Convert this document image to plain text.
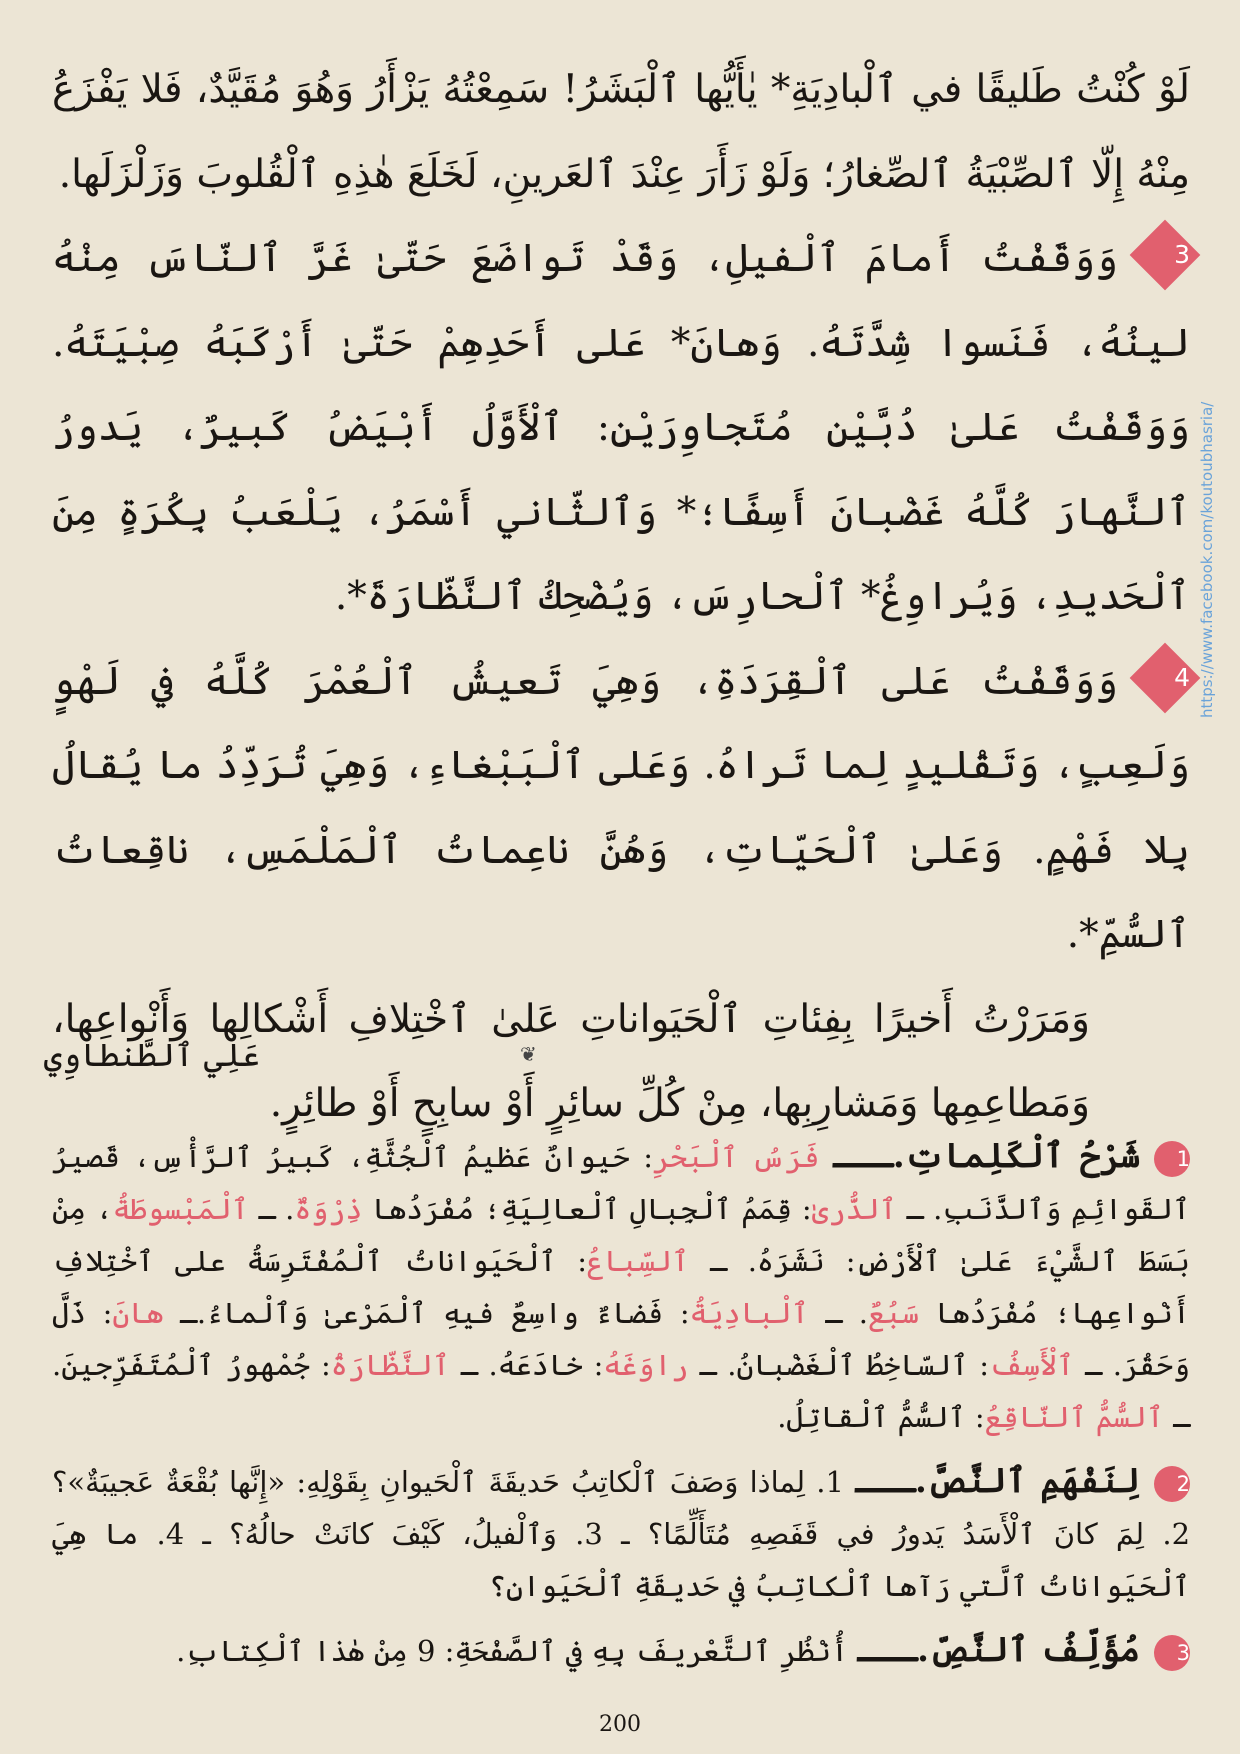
لَوْ كُنْتُ طَليقًا في ٱلْبادِيَةِ* يٰأَيُّها ٱلْبَشَرُ! سَمِعْتُهُ يَزْأَرُ وَهُوَ مُقَيَّدٌ، فَلا يَفْزَعُ مِنْهُ إِلّا ٱلصِّبْيَةُ ٱلصِّغارُ؛ وَلَوْ زَأَرَ عِنْدَ ٱلعَرينِ، لَخَلَعَ هٰذِهِ ٱلْقُلوبَ وَزَلْزَلَها.

3
وَوَقَفْتُ أَمامَ ٱلْفيلِ، وَقَدْ تَواضَعَ حَتّىٰ غَرَّ ٱلنّاسَ مِنْهُ لينُهُ، فَنَسوا شِدَّتَهُ. وَهانَ* عَلى أَحَدِهِمْ حَتّىٰ أَرْكَبَهُ صِبْيَتَهُ. وَوَقَفْتُ عَلىٰ دُبَّيْنِ مُتَجاوِرَيْنِ: ٱلْأَوَّلُ أَبْيَضُ كَبيرٌ، يَدورُ ٱلنَّهارَ كُلَّهُ غَضْبانَ أَسِفًا؛* وَٱلثّاني أَسْمَرُ، يَلْعَبُ بِكُرَةٍ مِنَ ٱلْحَديدِ، وَيُراوِغُ* ٱلْحارِسَ، وَيُضْحِكُ ٱلنَّظّارَةَ*.

4
وَوَقَفْتُ عَلى ٱلْقِرَدَةِ، وَهِيَ تَعيشُ ٱلْعُمْرَ كُلَّهُ في لَهْوٍ وَلَعِبٍ، وَتَقْليدٍ لِما تَراهُ. وَعَلى ٱلْبَبْغاءِ، وَهِيَ تُرَدِّدُ ما يُقالُ بِلا فَهْمٍ. وَعَلىٰ ٱلْحَيّاتِ، وَهُنَّ ناعِماتُ ٱلْمَلْمَسِ، ناقِعاتُ ٱلسُّمِّ*.

وَمَرَرْتُ أَخيرًا بِفِئاتِ ٱلْحَيَواناتِ عَلىٰ ٱخْتِلافِ أَشْكالِها وَأَنْواعِها، وَمَطاعِمِها وَمَشارِبِها، مِنْ كُلِّ سائِرٍ أَوْ سابِحٍ أَوْ طائِرٍ.

عَلِي ٱلطَّنطاوِي	❦

1شَرْحُ ٱلْكَلِماتِ.ـــ فَرَسُ ٱلْبَحْرِ: حَيوانٌ عَظيمُ ٱلْجُثَّةِ، كَبيرُ ٱلرَّأْسِ، قَصيرُ ٱلقَوائِمِ وَٱلذَّنَبِ. ـ ٱلذُّرىٰ: قِمَمُ ٱلْجِبالِ ٱلْعالِيَةِ؛ مُفْرَدُها ذِرْوَةٌ. ـ ٱلْمَبْسوطَةُ، مِنْ بَسَطَ ٱلشَّيْءَ عَلىٰ ٱلْأَرْضِ: نَشَرَهُ. ـ ٱلسِّباعُ: ٱلْحَيَواناتُ ٱلْمُفْتَرِسَةُ على ٱخْتِلافِ أَنْواعِها؛ مُفْرَدُها سَبُعٌ. ـ ٱلْبادِيَةُ: فَضاءٌ واسِعٌ فيهِ ٱلْمَرْعىٰ وَٱلْماءُ.ـ هانَ: ذَلَّ وَحَقُرَ. ـ ٱلْأَسِفُ: ٱلسّاخِطُ ٱلْغَضْبانُ. ـ راوَغَهُ: خادَعَهُ. ـ ٱلنَّظّارَةُ: جُمْهورُ ٱلْمُتَفَرِّجينَ. ـ ٱلسُّمُّ ٱلنّاقِعُ: ٱلسُّمُّ ٱلْقاتِلُ.

2لِنَفْهَمِ ٱلنَّصَّ.ـــ 1. لِماذا وَصَفَ ٱلْكاتِبُ حَديقَةَ ٱلْحَيوانِ بِقَوْلِهِ: «إِنَّها بُقْعَةٌ عَجيبَةٌ»؟ 2. لِمَ كانَ ٱلْأَسَدُ يَدورُ في قَفَصِهِ مُتَأَلِّمًا؟ ـ 3. وَٱلْفيلُ، كَيْفَ كانَتْ حالُهُ؟ ـ 4. ما هِيَ ٱلْحَيَواناتُ ٱلَّتي رَآها ٱلْكاتِبُ في حَديقَةِ ٱلْحَيَوانِ؟

3مُؤَلِّفُ ٱلنَّصِّ.ـــ أُنْظُرِ ٱلتَّعْريفَ بِهِ في ٱلصَّفْحَةِ: 9 مِنْ هٰذا ٱلْكِتابِ.

200
https://www.facebook.com/koutoubhasria/
